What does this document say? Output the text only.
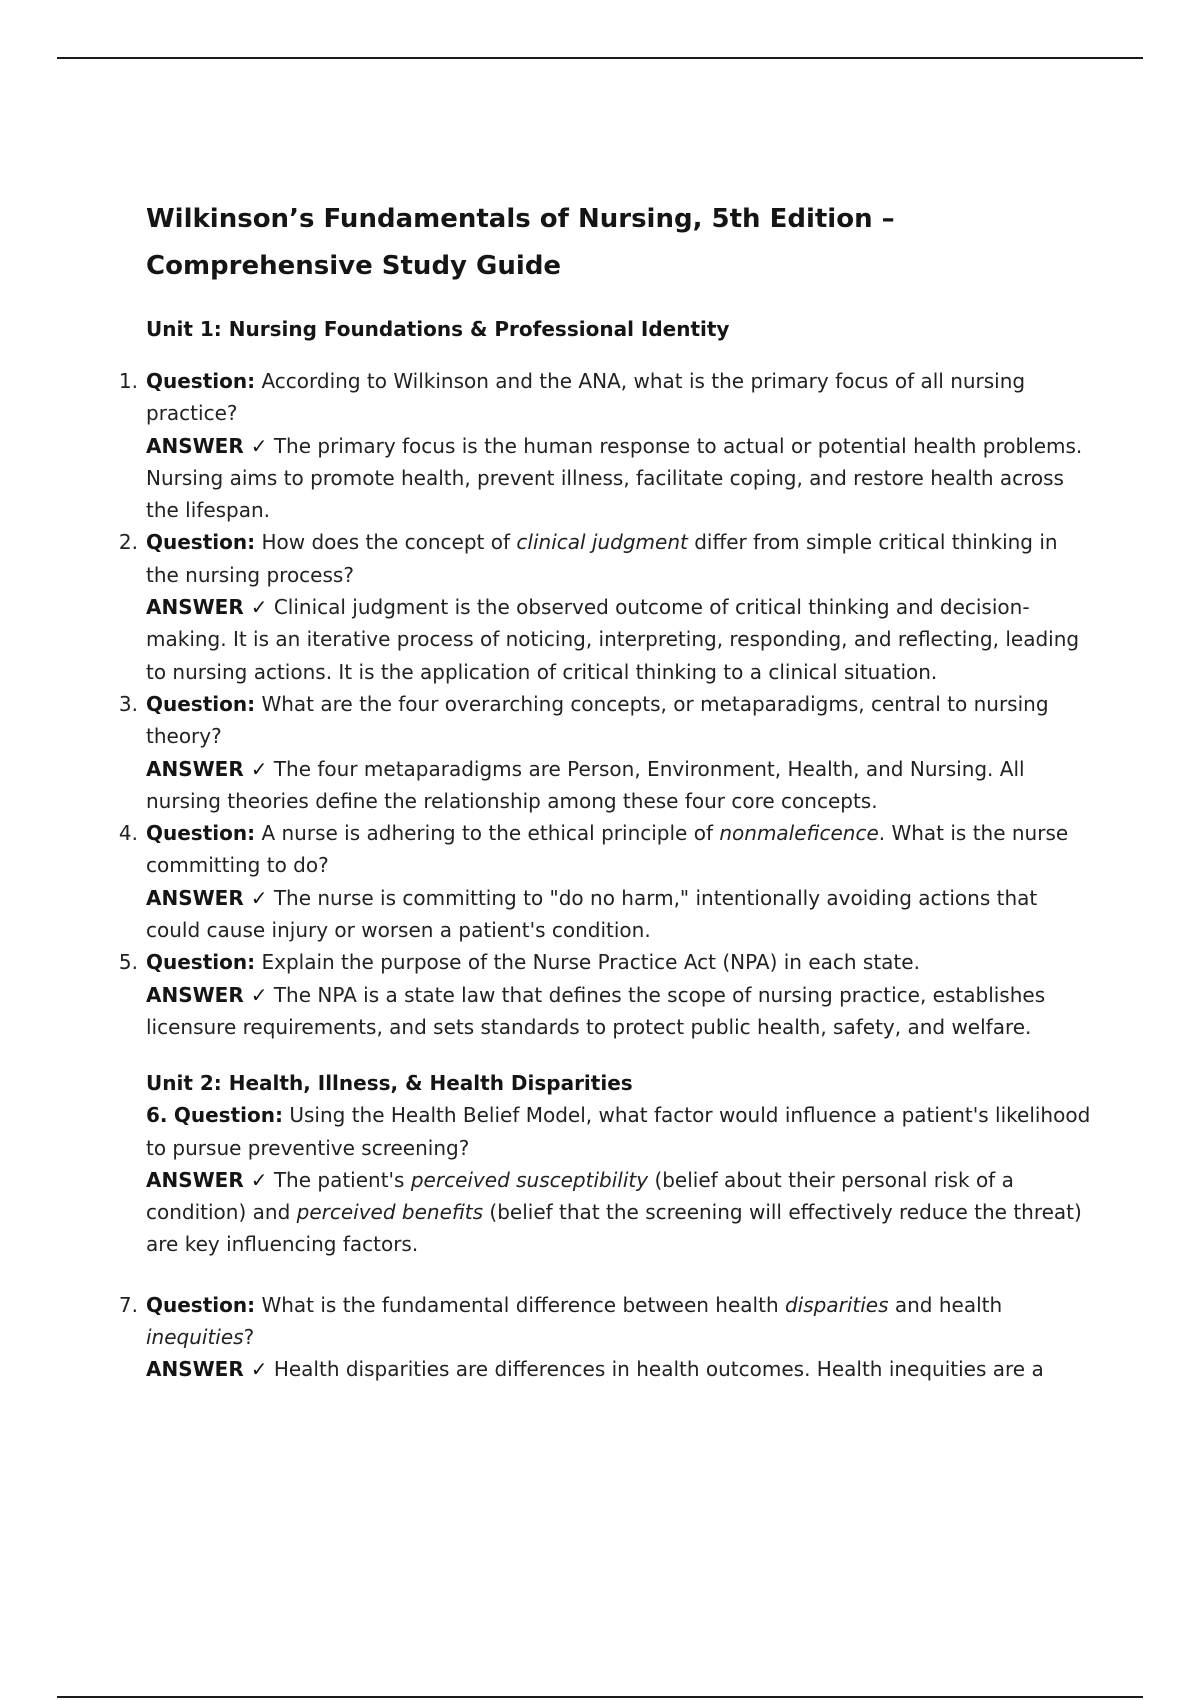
Wilkinson’s Fundamentals of Nursing, 5th Edition – Comprehensive Study Guide
Unit 1: Nursing Foundations & Professional Identity
1. Question: According to Wilkinson and the ANA, what is the primary focus of all nursing practice?
ANSWER ✓ The primary focus is the human response to actual or potential health problems. Nursing aims to promote health, prevent illness, facilitate coping, and restore health across the lifespan.
2. Question: How does the concept of clinical judgment differ from simple critical thinking in the nursing process?
ANSWER ✓ Clinical judgment is the observed outcome of critical thinking and decision-making. It is an iterative process of noticing, interpreting, responding, and reflecting, leading to nursing actions. It is the application of critical thinking to a clinical situation.
3. Question: What are the four overarching concepts, or metaparadigms, central to nursing theory?
ANSWER ✓ The four metaparadigms are Person, Environment, Health, and Nursing. All nursing theories define the relationship among these four core concepts.
4. Question: A nurse is adhering to the ethical principle of nonmaleficence. What is the nurse committing to do?
ANSWER ✓ The nurse is committing to "do no harm," intentionally avoiding actions that could cause injury or worsen a patient's condition.
5. Question: Explain the purpose of the Nurse Practice Act (NPA) in each state.
ANSWER ✓ The NPA is a state law that defines the scope of nursing practice, establishes licensure requirements, and sets standards to protect public health, safety, and welfare.
Unit 2: Health, Illness, & Health Disparities
6. Question: Using the Health Belief Model, what factor would influence a patient's likelihood to pursue preventive screening?
ANSWER ✓ The patient's perceived susceptibility (belief about their personal risk of a condition) and perceived benefits (belief that the screening will effectively reduce the threat) are key influencing factors.
7. Question: What is the fundamental difference between health disparities and health inequities?
ANSWER ✓ Health disparities are differences in health outcomes. Health inequities are a
